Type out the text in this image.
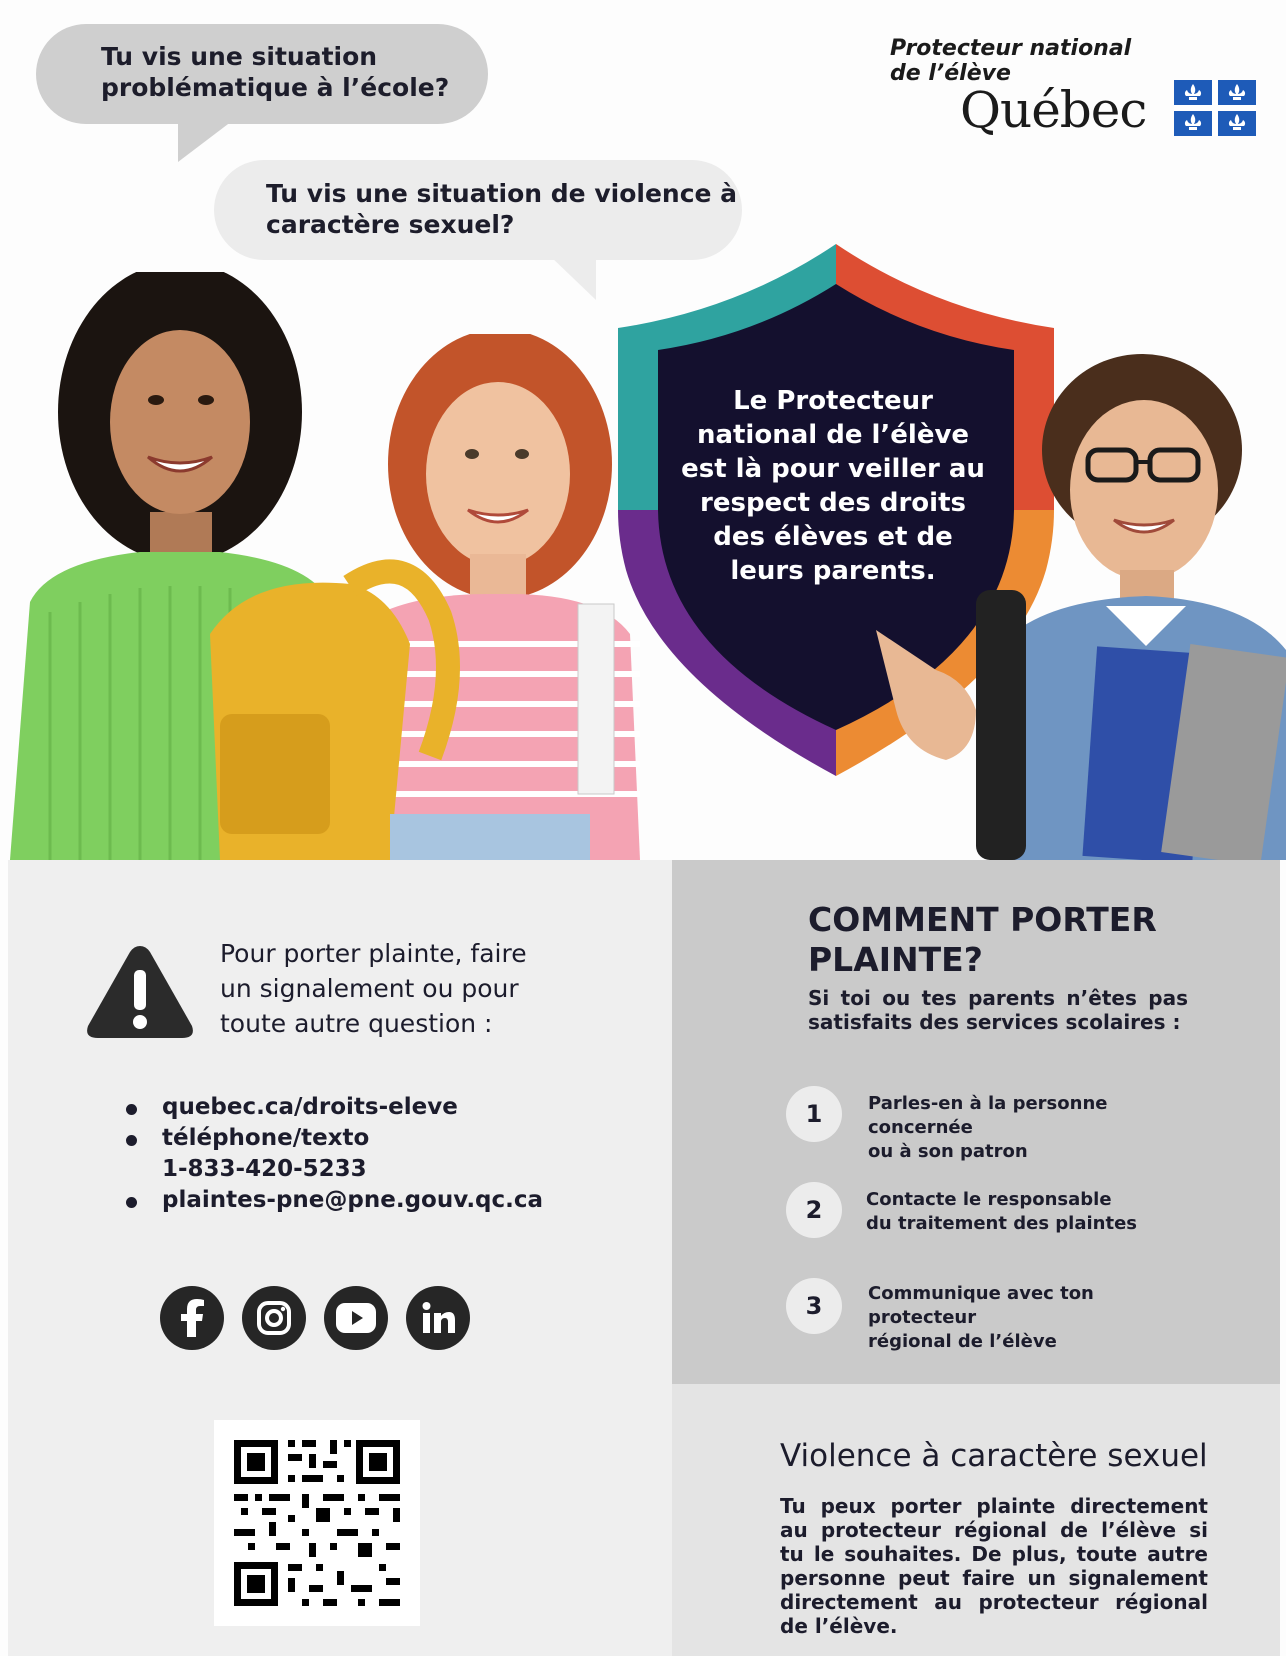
Tu vis une situation
problématique à l’école?
Tu vis une situation de violence à
caractère sexuel?
Protecteur national
de l’élève
Québec
Le Protecteur
national de l’élève
est là pour veiller au
respect des droits
des élèves et de
leurs parents.
Pour porter plainte, faire
un signalement ou pour
toute autre question :
quebec.ca/droits-eleve
téléphone/texto
1-833-420-5233
plaintes-pne@pne.gouv.qc.ca
COMMENT PORTER
PLAINTE?
Si toi ou tes parents n’êtes pas satisfaits des services scolaires :
1	Parles-en à la personne concernée
ou à son patron
2	Contacte le responsable
du traitement des plaintes
3	Communique avec ton protecteur
régional de l’élève
Violence à caractère sexuel
Tu peux porter plainte directement au protecteur régional de l’élève si tu le souhaites. De plus, toute autre personne peut faire un signalement directement au protecteur régional de l’élève.
